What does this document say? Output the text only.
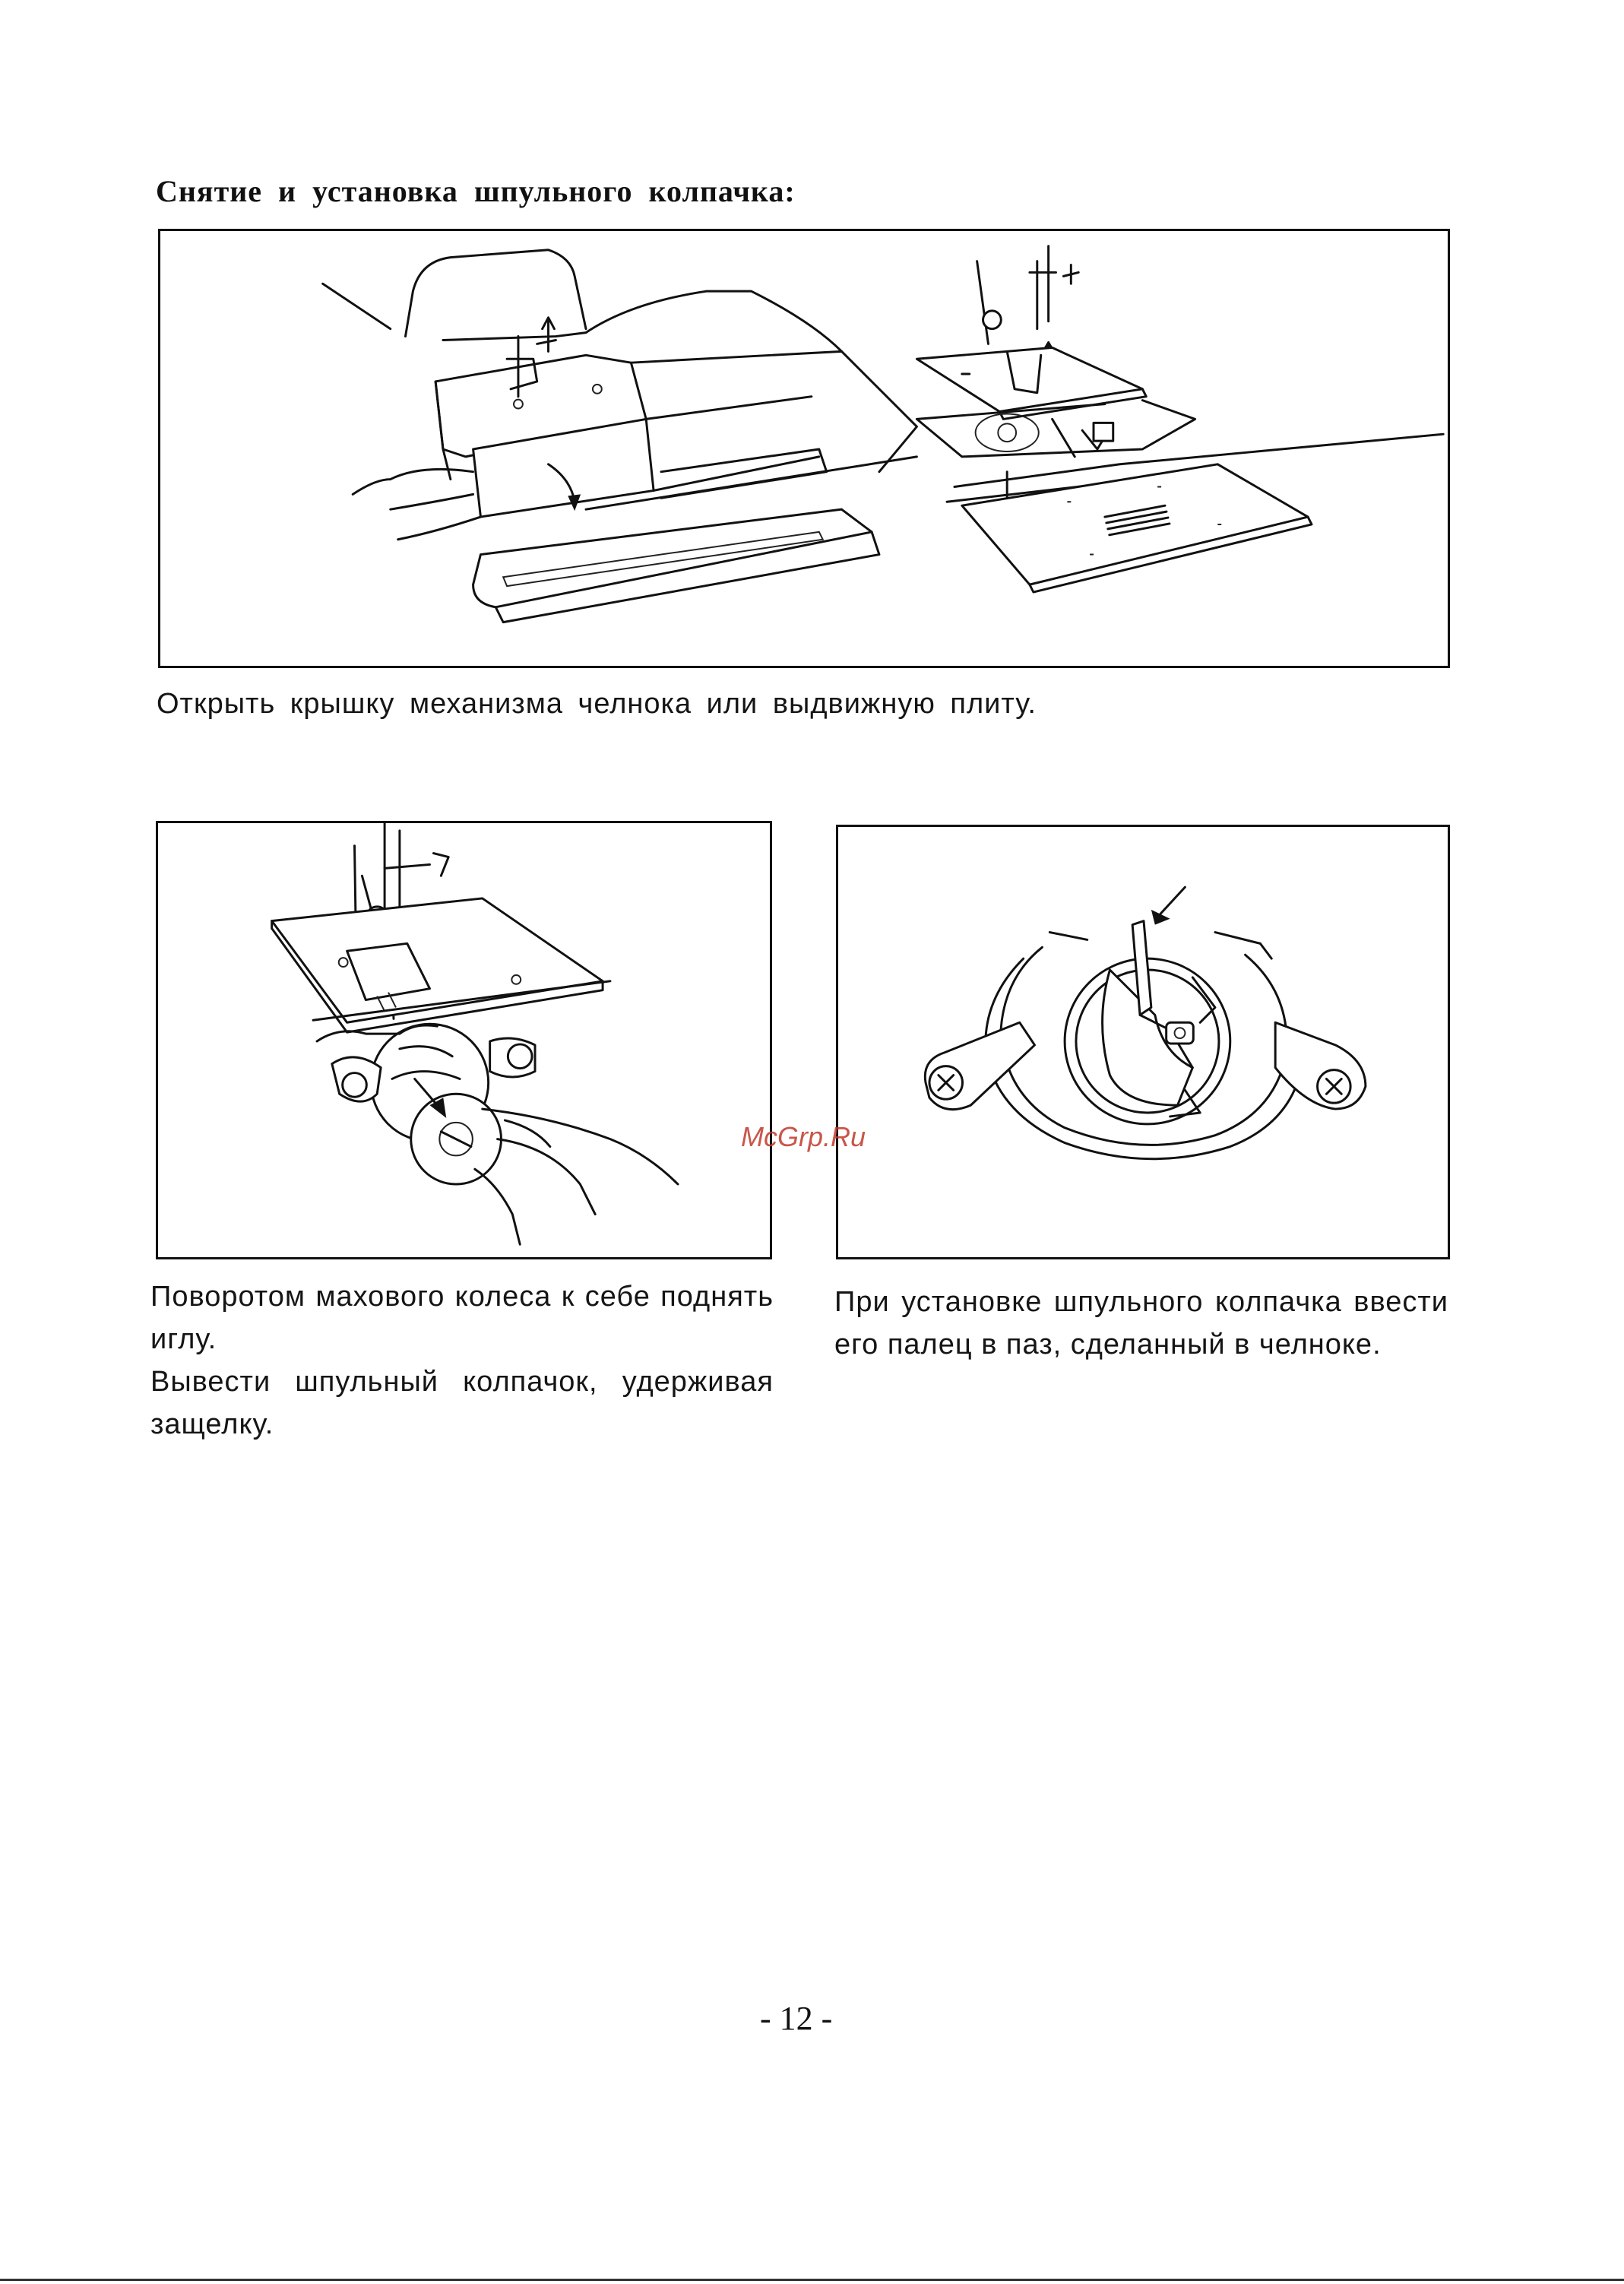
Снятие и установка шпульного колпачка:
Открыть крышку механизма челнока или выдвижную плиту.

Поворотом махового колеса к себе поднять иглу.

Вывести шпульный колпачок, удерживая защелку.

При установке шпульного колпачка ввести его палец в паз, сделанный в челноке.

McGrp.Ru
- 12 -
